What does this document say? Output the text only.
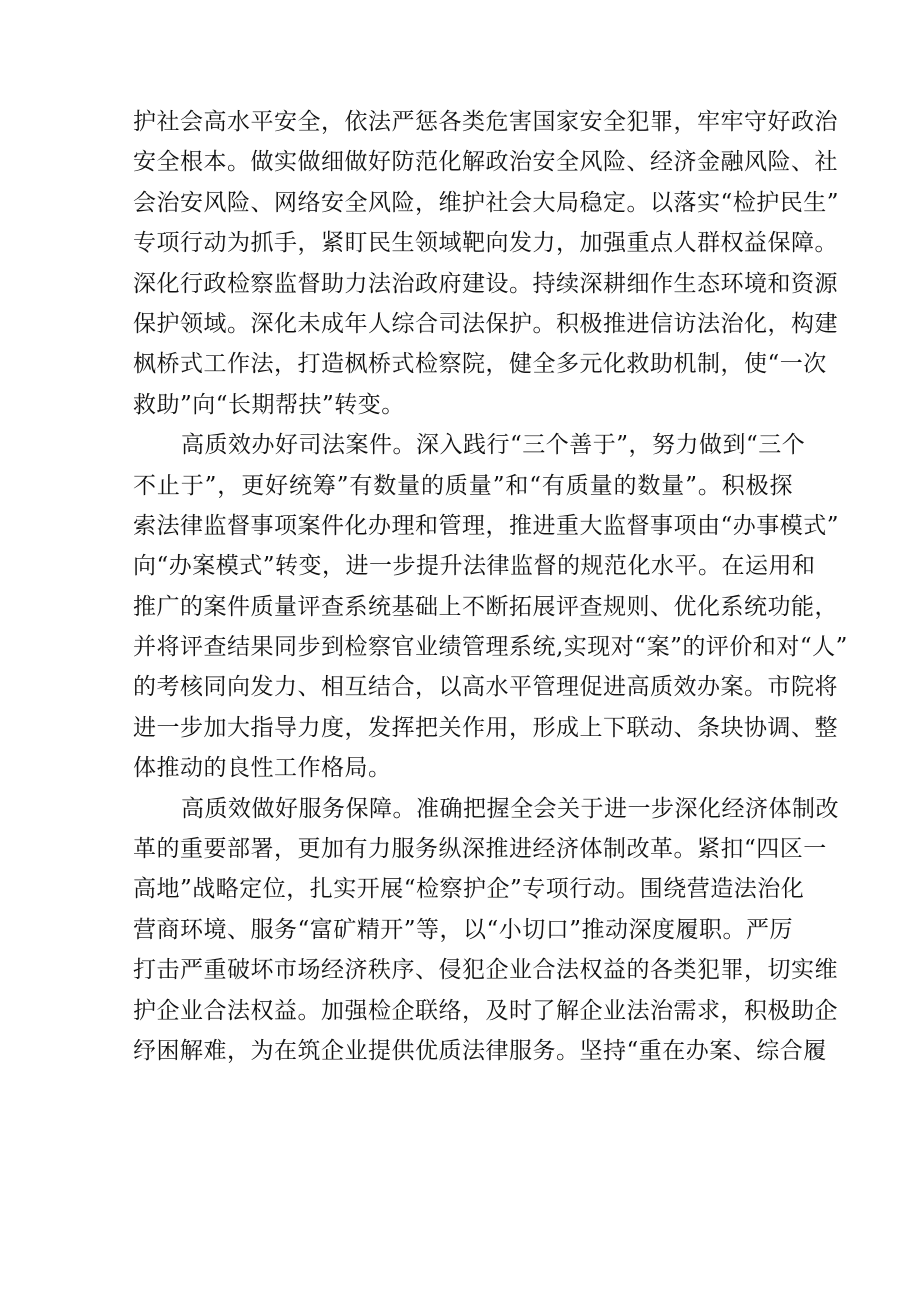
护社会高水平安全，依法严惩各类危害国家安全犯罪，牢牢守好政治
安全根本。做实做细做好防范化解政治安全风险、经济金融风险、社
会治安风险、网络安全风险，维护社会大局稳定。以落实“检护民生”
专项行动为抓手，紧盯民生领域靶向发力，加强重点人群权益保障。
深化行政检察监督助力法治政府建设。持续深耕细作生态环境和资源
保护领域。深化未成年人综合司法保护。积极推进信访法治化，构建
枫桥式工作法，打造枫桥式检察院，健全多元化救助机制，使“一次
救助”向“长期帮扶”转变。
高质效办好司法案件。深入践行“三个善于”，努力做到“三个
不止于”，更好统筹”有数量的质量”和“有质量的数量”。积极探
索法律监督事项案件化办理和管理，推进重大监督事项由“办事模式”
向“办案模式”转变，进一步提升法律监督的规范化水平。在运用和
推广的案件质量评查系统基础上不断拓展评查规则、优化系统功能，
并将评查结果同步到检察官业绩管理系统,实现对“案”的评价和对“人”
的考核同向发力、相互结合，以高水平管理促进高质效办案。市院将
进一步加大指导力度，发挥把关作用，形成上下联动、条块协调、整
体推动的良性工作格局。
高质效做好服务保障。准确把握全会关于进一步深化经济体制改
革的重要部署，更加有力服务纵深推进经济体制改革。紧扣“四区一
高地”战略定位，扎实开展“检察护企”专项行动。围绕营造法治化
营商环境、服务“富矿精开”等，以“小切口”推动深度履职。严厉
打击严重破坏市场经济秩序、侵犯企业合法权益的各类犯罪，切实维
护企业合法权益。加强检企联络，及时了解企业法治需求，积极助企
纾困解难，为在筑企业提供优质法律服务。坚持“重在办案、综合履
